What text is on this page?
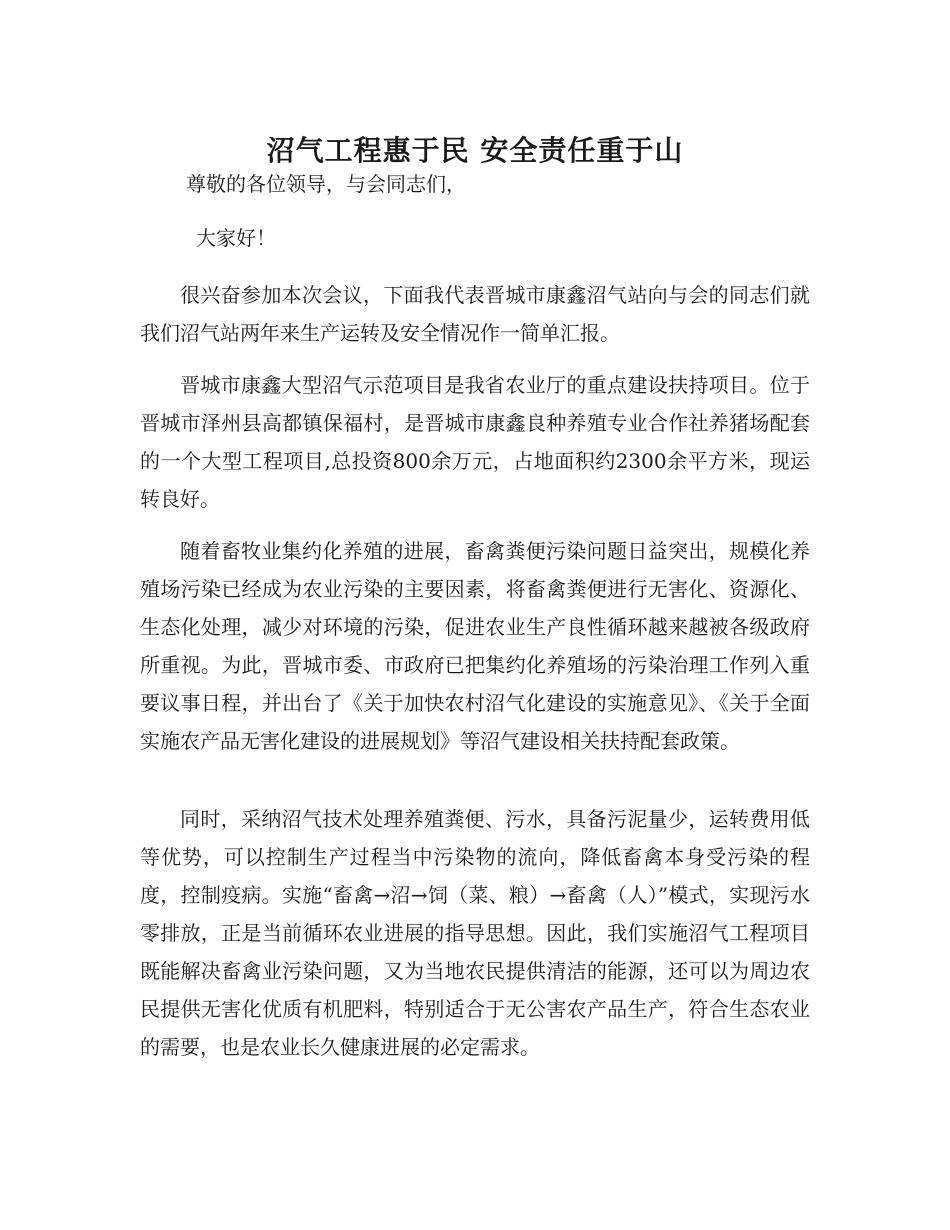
沼气工程惠于民 安全责任重于山

尊敬的各位领导，与会同志们，

大家好！

很兴奋参加本次会议，下面我代表晋城市康鑫沼气站向与会的同志们就我们沼气站两年来生产运转及安全情况作一简单汇报。

晋城市康鑫大型沼气示范项目是我省农业厅的重点建设扶持项目。位于晋城市泽州县高都镇保福村，是晋城市康鑫良种养殖专业合作社养猪场配套的一个大型工程项目,总投资800余万元，占地面积约2300余平方米，现运转良好。

随着畜牧业集约化养殖的进展，畜禽粪便污染问题日益突出，规模化养殖场污染已经成为农业污染的主要因素，将畜禽粪便进行无害化、资源化、生态化处理，减少对环境的污染，促进农业生产良性循环越来越被各级政府所重视。为此，晋城市委、市政府已把集约化养殖场的污染治理工作列入重要议事日程，并出台了《关于加快农村沼气化建设的实施意见》、《关于全面实施农产品无害化建设的进展规划》等沼气建设相关扶持配套政策。

同时，采纳沼气技术处理养殖粪便、污水，具备污泥量少，运转费用低等优势，可以控制生产过程当中污染物的流向，降低畜禽本身受污染的程度，控制疫病。实施“畜禽→沼→饲（菜、粮）→畜禽（人）”模式，实现污水零排放，正是当前循环农业进展的指导思想。因此，我们实施沼气工程项目既能解决畜禽业污染问题，又为当地农民提供清洁的能源，还可以为周边农民提供无害化优质有机肥料，特别适合于无公害农产品生产，符合生态农业的需要，也是农业长久健康进展的必定需求。
